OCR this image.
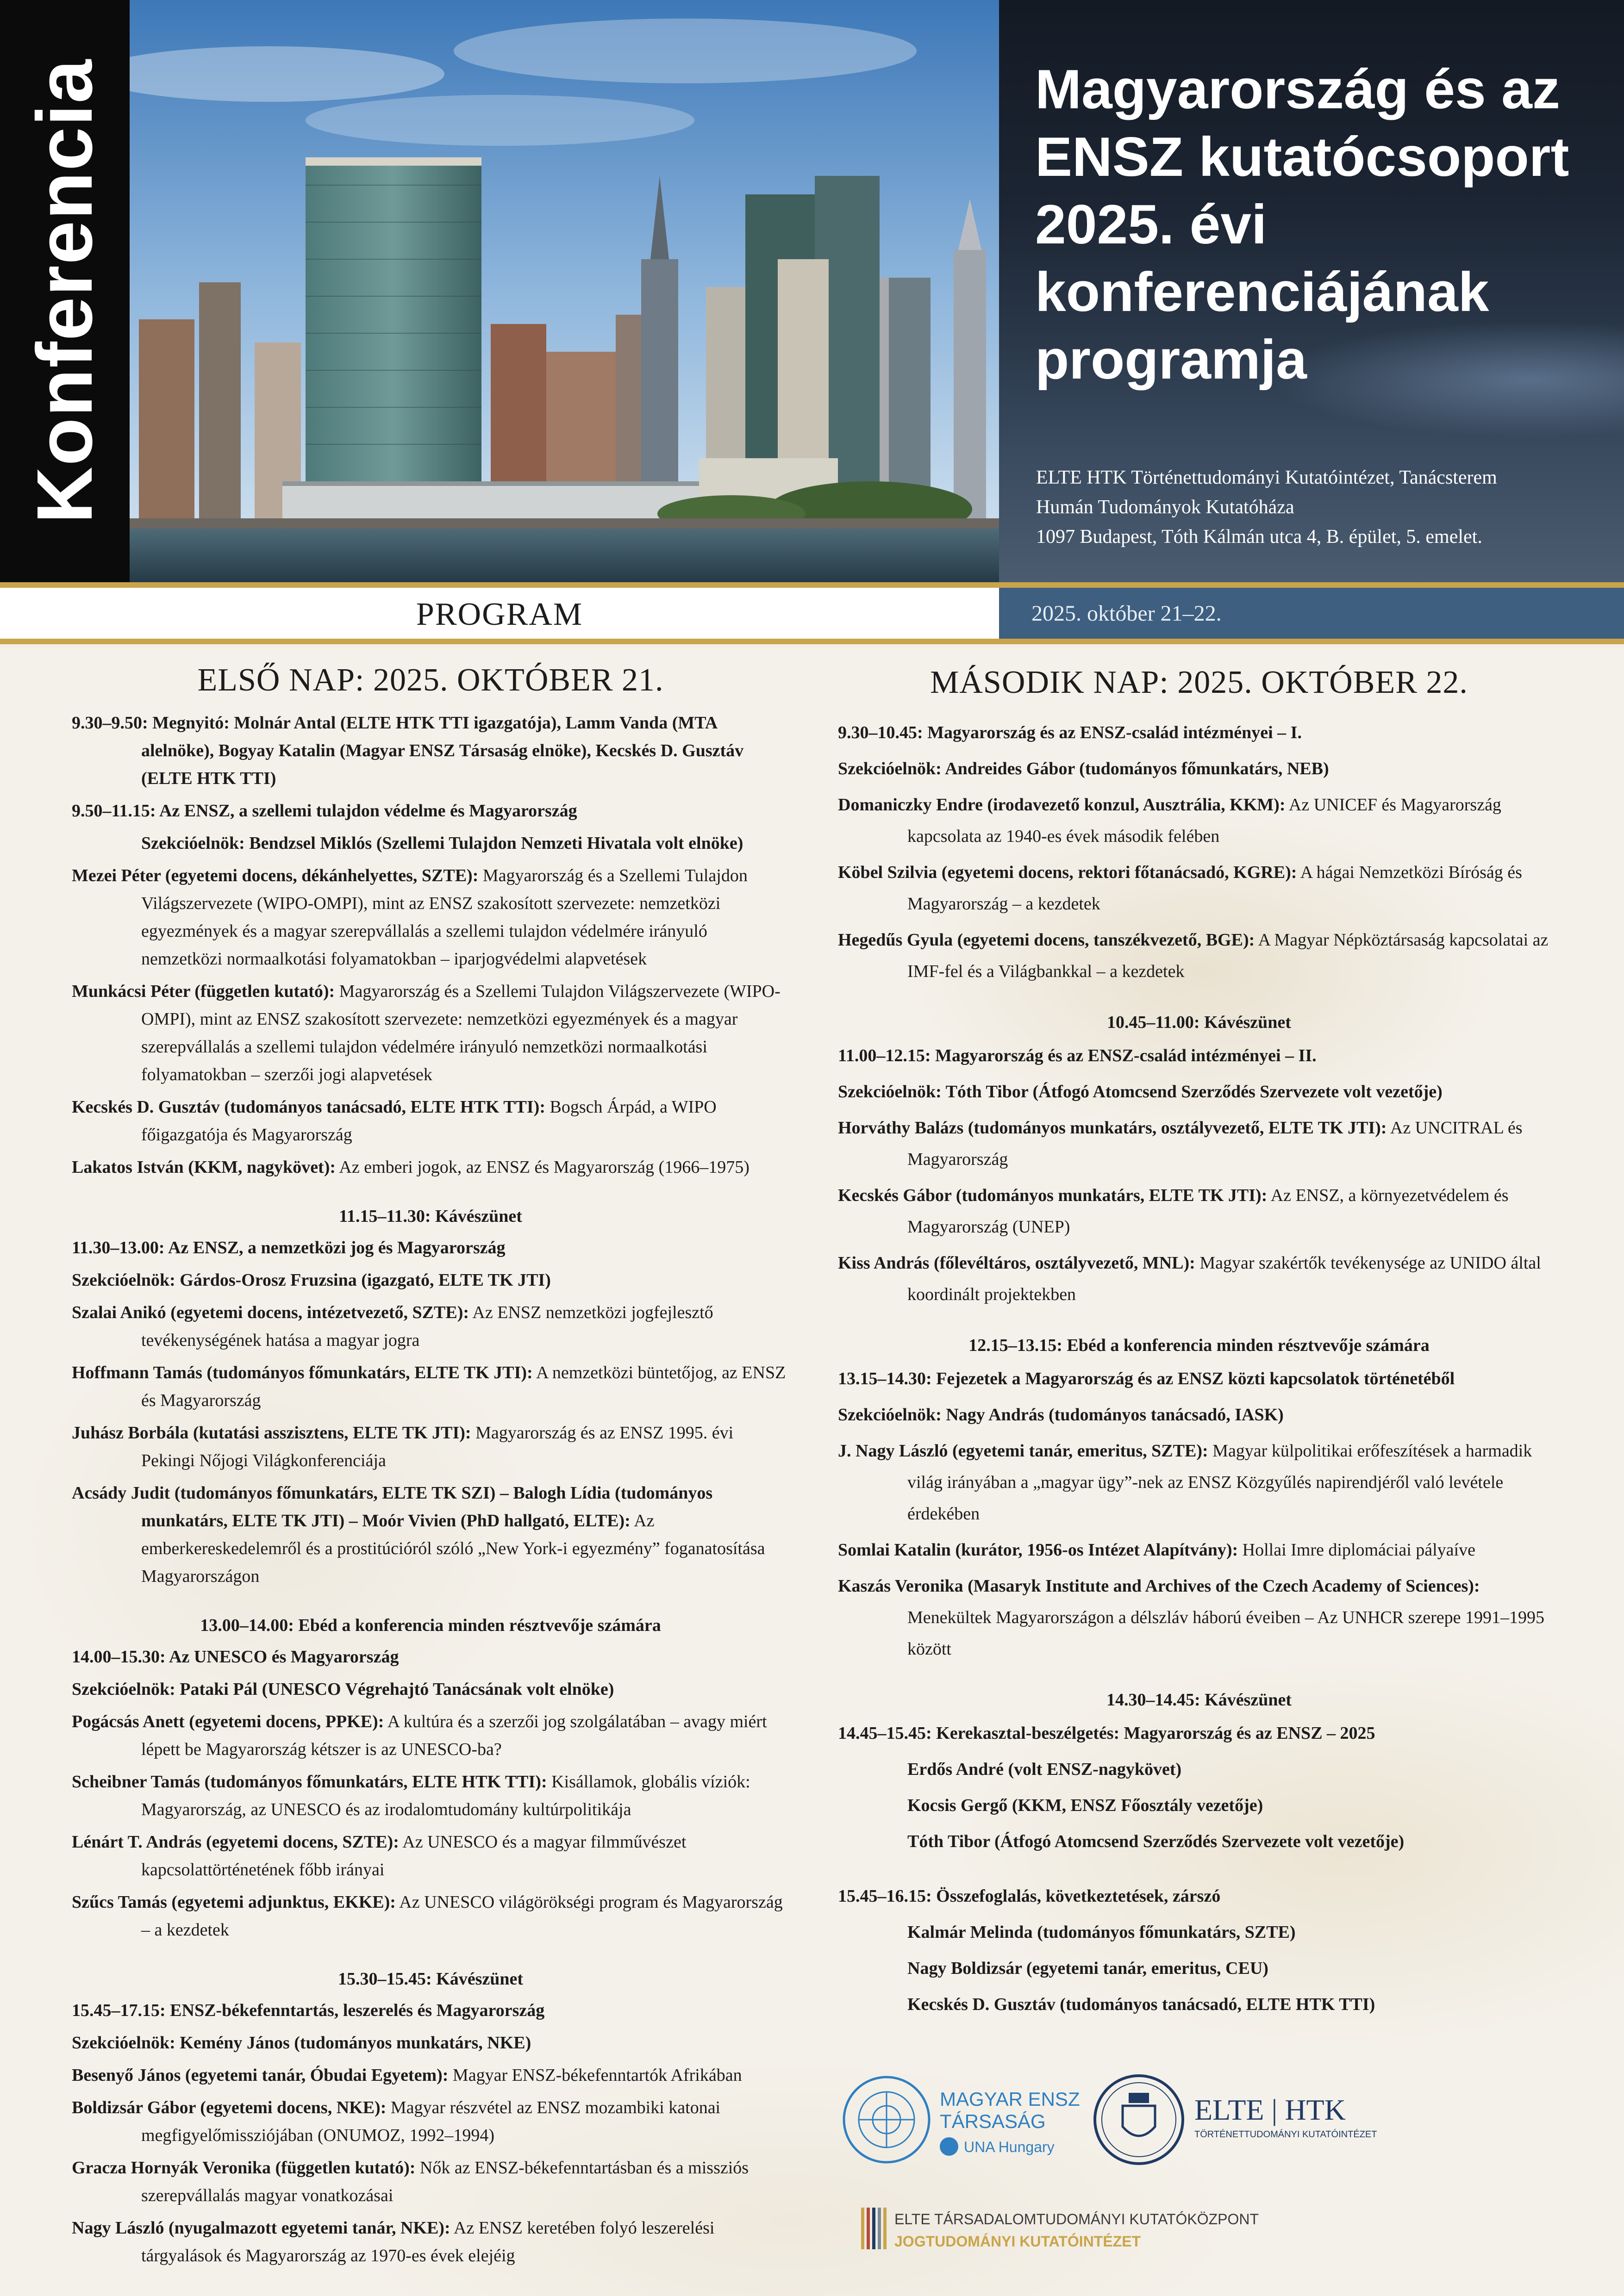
Konferencia	Magyarország és az
ENSZ kutatócsoport
2025. évi
konferenciájának
programja
ELTE HTK Történettudományi Kutatóintézet, Tanácsterem
Humán Tudományok Kutatóháza
1097 Budapest, Tóth Kálmán utca 4, B. épület, 5. emelet.
PROGRAM	2025. október 21–22.
ELSŐ NAP: 2025. OKTÓBER 21.
9.30–9.50: Megnyitó: Molnár Antal (ELTE HTK TTI igazgatója), Lamm Vanda (MTA alelnöke), Bogyay Katalin (Magyar ENSZ Társaság elnöke), Kecskés D. Gusztáv (ELTE HTK TTI)
9.50–11.15: Az ENSZ, a szellemi tulajdon védelme és Magyarország
Szekcióelnök: Bendzsel Miklós (Szellemi Tulajdon Nemzeti Hivatala volt elnöke)
Mezei Péter (egyetemi docens, dékánhelyettes, SZTE): Magyarország és a Szellemi Tulajdon Világszervezete (WIPO-OMPI), mint az ENSZ szakosított szervezete: nemzetközi egyezmények és a magyar szerepvállalás a szellemi tulajdon védelmére irányuló nemzetközi normaalkotási folyamatokban – iparjogvédelmi alapvetések
Munkácsi Péter (független kutató): Magyarország és a Szellemi Tulajdon Világszervezete (WIPO-OMPI), mint az ENSZ szakosított szervezete: nemzetközi egyezmények és a magyar szerepvállalás a szellemi tulajdon védelmére irányuló nemzetközi normaalkotási folyamatokban – szerzői jogi alapvetések
Kecskés D. Gusztáv (tudományos tanácsadó, ELTE HTK TTI): Bogsch Árpád, a WIPO főigazgatója és Magyarország
Lakatos István (KKM, nagykövet): Az emberi jogok, az ENSZ és Magyarország (1966–1975)
11.15–11.30: Kávészünet
11.30–13.00: Az ENSZ, a nemzetközi jog és Magyarország
Szekcióelnök: Gárdos-Orosz Fruzsina (igazgató, ELTE TK JTI)
Szalai Anikó (egyetemi docens, intézetvezető, SZTE): Az ENSZ nemzetközi jogfejlesztő tevékenységének hatása a magyar jogra
Hoffmann Tamás (tudományos főmunkatárs, ELTE TK JTI): A nemzetközi büntetőjog, az ENSZ és Magyarország
Juhász Borbála (kutatási asszisztens, ELTE TK JTI): Magyarország és az ENSZ 1995. évi Pekingi Nőjogi Világkonferenciája
Acsády Judit (tudományos főmunkatárs, ELTE TK SZI) – Balogh Lídia (tudományos munkatárs, ELTE TK JTI) – Moór Vivien (PhD hallgató, ELTE): Az emberkereskedelemről és a prostitúcióról szóló „New York-i egyezmény” foganatosítása Magyarországon
13.00–14.00: Ebéd a konferencia minden résztvevője számára
14.00–15.30: Az UNESCO és Magyarország
Szekcióelnök: Pataki Pál (UNESCO Végrehajtó Tanácsának volt elnöke)
Pogácsás Anett (egyetemi docens, PPKE): A kultúra és a szerzői jog szolgálatában – avagy miért lépett be Magyarország kétszer is az UNESCO-ba?
Scheibner Tamás (tudományos főmunkatárs, ELTE HTK TTI): Kisállamok, globális víziók: Magyarország, az UNESCO és az irodalomtudomány kultúrpolitikája
Lénárt T. András (egyetemi docens, SZTE): Az UNESCO és a magyar filmművészet kapcsolattörténetének főbb irányai
Szűcs Tamás (egyetemi adjunktus, EKKE): Az UNESCO világörökségi program és Magyarország – a kezdetek
15.30–15.45: Kávészünet
15.45–17.15: ENSZ-békefenntartás, leszerelés és Magyarország
Szekcióelnök: Kemény János (tudományos munkatárs, NKE)
Besenyő János (egyetemi tanár, Óbudai Egyetem): Magyar ENSZ-békefenntartók Afrikában
Boldizsár Gábor (egyetemi docens, NKE): Magyar részvétel az ENSZ mozambiki katonai megfigyelőmissziójában (ONUMOZ, 1992–1994)
Gracza Hornyák Veronika (független kutató): Nők az ENSZ-békefenntartásban és a missziós szerepvállalás magyar vonatkozásai
Nagy László (nyugalmazott egyetemi tanár, NKE): Az ENSZ keretében folyó leszerelési tárgyalások és Magyarország az 1970-es évek elejéig
MÁSODIK NAP: 2025. OKTÓBER 22.
9.30–10.45: Magyarország és az ENSZ-család intézményei – I.
Szekcióelnök: Andreides Gábor (tudományos főmunkatárs, NEB)
Domaniczky Endre (irodavezető konzul, Ausztrália, KKM): Az UNICEF és Magyarország kapcsolata az 1940-es évek második felében
Köbel Szilvia (egyetemi docens, rektori főtanácsadó, KGRE): A hágai Nemzetközi Bíróság és Magyarország – a kezdetek
Hegedűs Gyula (egyetemi docens, tanszékvezető, BGE): A Magyar Népköztársaság kapcsolatai az IMF-fel és a Világbankkal – a kezdetek
10.45–11.00: Kávészünet
11.00–12.15: Magyarország és az ENSZ-család intézményei – II.
Szekcióelnök: Tóth Tibor (Átfogó Atomcsend Szerződés Szervezete volt vezetője)
Horváthy Balázs (tudományos munkatárs, osztályvezető, ELTE TK JTI): Az UNCITRAL és Magyarország
Kecskés Gábor (tudományos munkatárs, ELTE TK JTI): Az ENSZ, a környezetvédelem és Magyarország (UNEP)
Kiss András (főlevéltáros, osztályvezető, MNL): Magyar szakértők tevékenysége az UNIDO által koordinált projektekben
12.15–13.15: Ebéd a konferencia minden résztvevője számára
13.15–14.30: Fejezetek a Magyarország és az ENSZ közti kapcsolatok történetéből
Szekcióelnök: Nagy András (tudományos tanácsadó, IASK)
J. Nagy László (egyetemi tanár, emeritus, SZTE): Magyar külpolitikai erőfeszítések a harmadik világ irányában a „magyar ügy”-nek az ENSZ Közgyűlés napirendjéről való levétele érdekében
Somlai Katalin (kurátor, 1956-os Intézet Alapítvány): Hollai Imre diplomáciai pályaíve
Kaszás Veronika (Masaryk Institute and Archives of the Czech Academy of Sciences): Menekültek Magyarországon a délszláv háború éveiben – Az UNHCR szerepe 1991–1995 között
14.30–14.45: Kávészünet
14.45–15.45: Kerekasztal-beszélgetés: Magyarország és az ENSZ – 2025
Erdős André (volt ENSZ-nagykövet)
Kocsis Gergő (KKM, ENSZ Főosztály vezetője)
Tóth Tibor (Átfogó Atomcsend Szerződés Szervezete volt vezetője)
15.45–16.15: Összefoglalás, következtetések, zárszó
Kalmár Melinda (tudományos főmunkatárs, SZTE)
Nagy Boldizsár (egyetemi tanár, emeritus, CEU)
Kecskés D. Gusztáv (tudományos tanácsadó, ELTE HTK TTI)
MAGYAR ENSZ
TÁRSASÁG
UNA Hungary
ELTE | HTK
TÖRTÉNETTUDOMÁNYI KUTATÓINTÉZET
ELTE TÁRSADALOMTUDOMÁNYI KUTATÓKÖZPONT
JOGTUDOMÁNYI KUTATÓINTÉZET
